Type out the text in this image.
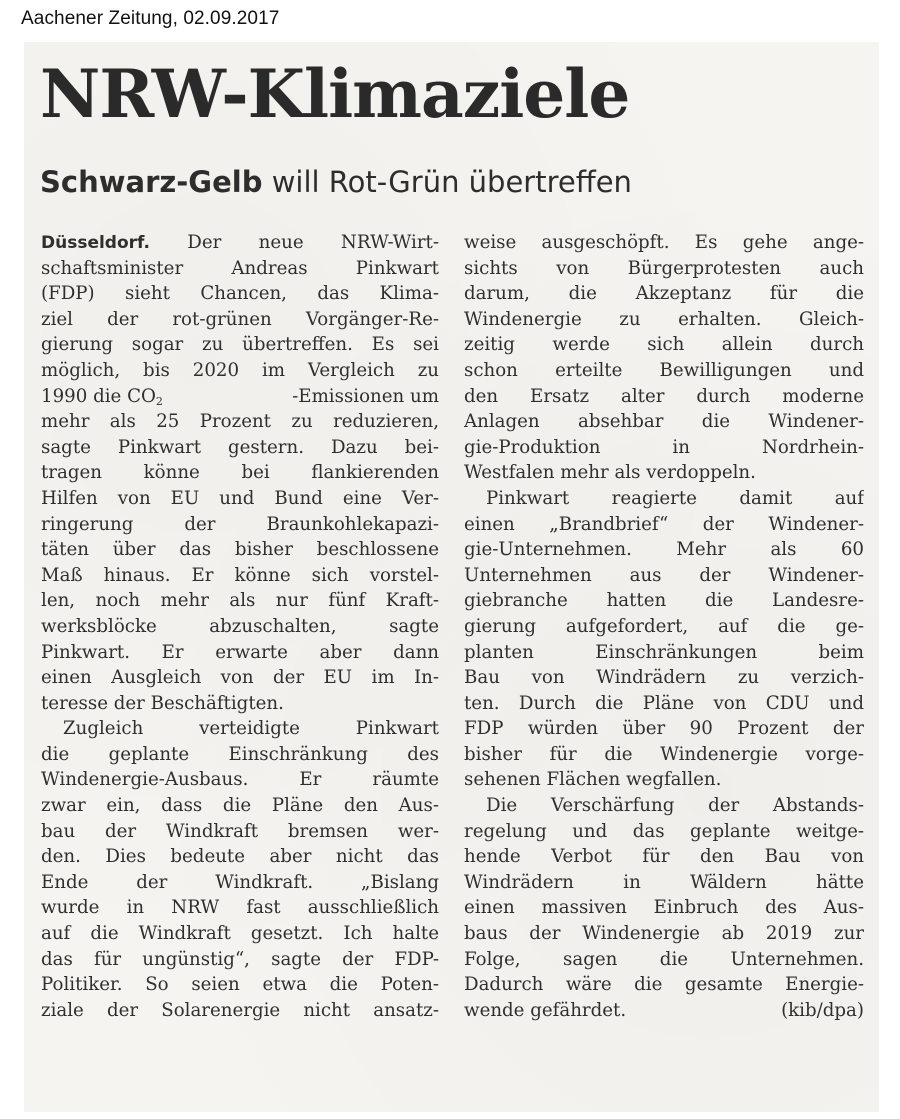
Aachener Zeitung, 02.09.2017
NRW-Klimaziele
Schwarz-Gelb will Rot-Grün übertreffen
Düsseldorf. Der neue NRW-Wirt-
schaftsminister Andreas Pinkwart
(FDP) sieht Chancen, das Klima-
ziel der rot-grünen Vorgänger-Re-
gierung sogar zu übertreffen. Es sei
möglich, bis 2020 im Vergleich zu
1990 die $CO_2$	-Emissionen um
mehr als 25 Prozent zu reduzieren,
sagte Pinkwart gestern. Dazu bei-
tragen könne bei flankierenden
Hilfen von EU und Bund eine Ver-
ringerung der Braunkohlekapazi-
täten über das bisher beschlossene
Maß hinaus. Er könne sich vorstel-
len, noch mehr als nur fünf Kraft-
werksblöcke abzuschalten, sagte
Pinkwart. Er erwarte aber dann
einen Ausgleich von der EU im In-
teresse der Beschäftigten.
Zugleich verteidigte Pinkwart
die geplante Einschränkung des
Windenergie-Ausbaus. Er räumte
zwar ein, dass die Pläne den Aus-
bau der Windkraft bremsen wer-
den. Dies bedeute aber nicht das
Ende der Windkraft. „Bislang
wurde in NRW fast ausschließlich
auf die Windkraft gesetzt. Ich halte
das für ungünstig“, sagte der FDP-
Politiker. So seien etwa die Poten-
ziale der Solarenergie nicht ansatz-
weise ausgeschöpft. Es gehe ange-
sichts von Bürgerprotesten auch
darum, die Akzeptanz für die
Windenergie zu erhalten. Gleich-
zeitig werde sich allein durch
schon erteilte Bewilligungen und
den Ersatz alter durch moderne
Anlagen absehbar die Windener-
gie-Produktion in Nordrhein-
Westfalen mehr als verdoppeln.
Pinkwart reagierte damit auf
einen „Brandbrief“ der Windener-
gie-Unternehmen. Mehr als 60
Unternehmen aus der Windener-
giebranche hatten die Landesre-
gierung aufgefordert, auf die ge-
planten Einschränkungen beim
Bau von Windrädern zu verzich-
ten. Durch die Pläne von CDU und
FDP würden über 90 Prozent der
bisher für die Windenergie vorge-
sehenen Flächen wegfallen.
Die Verschärfung der Abstands-
regelung und das geplante weitge-
hende Verbot für den Bau von
Windrädern in Wäldern hätte
einen massiven Einbruch des Aus-
baus der Windenergie ab 2019 zur
Folge, sagen die Unternehmen.
Dadurch wäre die gesamte Energie-
wende gefährdet.	(kib/dpa)
